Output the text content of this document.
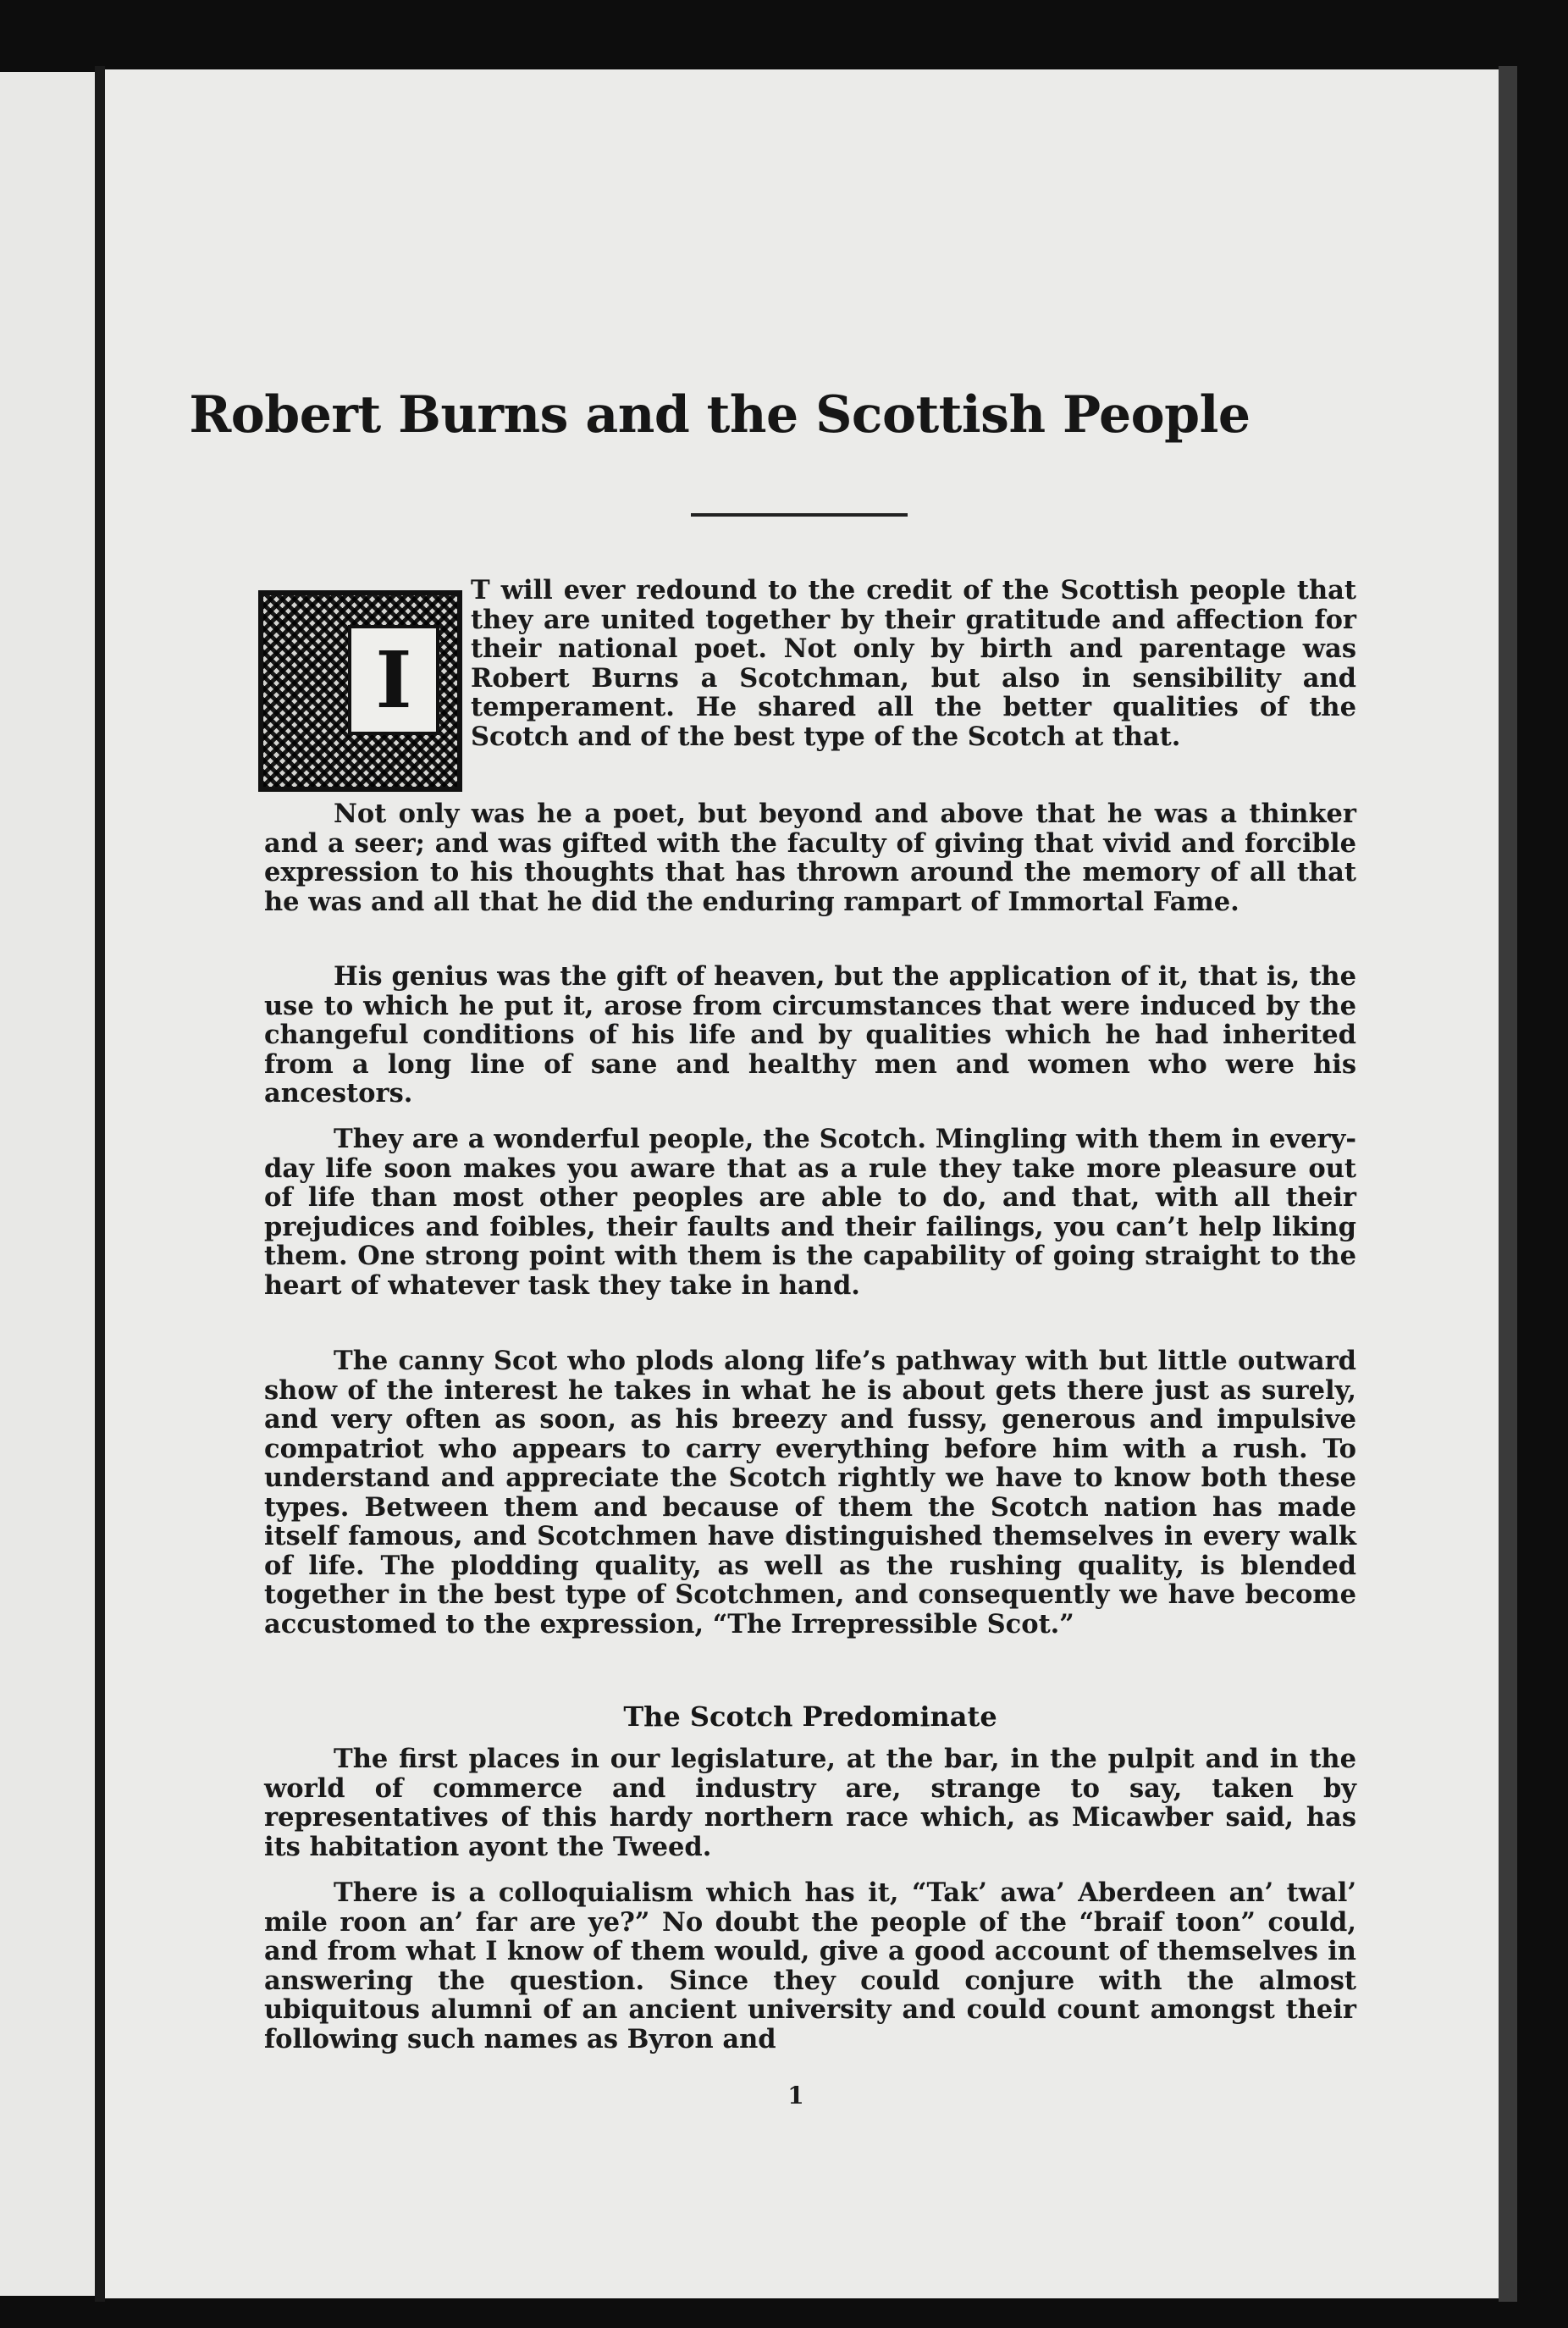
Robert Burns and the Scottish People
I

T will ever redound to the credit of the Scottish people that they are united together by their gratitude and affection for their national poet. Not only by birth and parentage was Robert Burns a Scotchman, but also in sensibility and temperament. He shared all the better qualities of the Scotch and of the best type of the Scotch at that.

Not only was he a poet, but beyond and above that he was a thinker and a seer; and was gifted with the faculty of giving that vivid and forcible expression to his thoughts that has thrown around the memory of all that he was and all that he did the enduring rampart of Immortal Fame.

His genius was the gift of heaven, but the application of it, that is, the use to which he put it, arose from circumstances that were induced by the changeful conditions of his life and by qualities which he had inherited from a long line of sane and healthy men and women who were his ancestors.

They are a wonderful people, the Scotch. Mingling with them in every-day life soon makes you aware that as a rule they take more pleasure out of life than most other peoples are able to do, and that, with all their prejudices and foibles, their faults and their failings, you can’t help liking them. One strong point with them is the capability of going straight to the heart of whatever task they take in hand.

The canny Scot who plods along life’s pathway with but little outward show of the interest he takes in what he is about gets there just as surely, and very often as soon, as his breezy and fussy, generous and impulsive compatriot who appears to carry everything before him with a rush. To understand and appreciate the Scotch rightly we have to know both these types. Between them and because of them the Scotch nation has made itself famous, and Scotchmen have distinguished themselves in every walk of life. The plodding quality, as well as the rushing quality, is blended together in the best type of Scotchmen, and consequently we have become accustomed to the expression, “The Irrepressible Scot.”

The Scotch Predominate

The first places in our legislature, at the bar, in the pulpit and in the world of commerce and industry are, strange to say, taken by representatives of this hardy northern race which, as Micawber said, has its habitation ayont the Tweed.

There is a colloquialism which has it, “Tak’ awa’ Aberdeen an’ twal’ mile roon an’ far are ye?” No doubt the people of the “braif toon” could, and from what I know of them would, give a good account of themselves in answering the question. Since they could conjure with the almost ubiquitous alumni of an ancient university and could count amongst their following such names as Byron and

1
